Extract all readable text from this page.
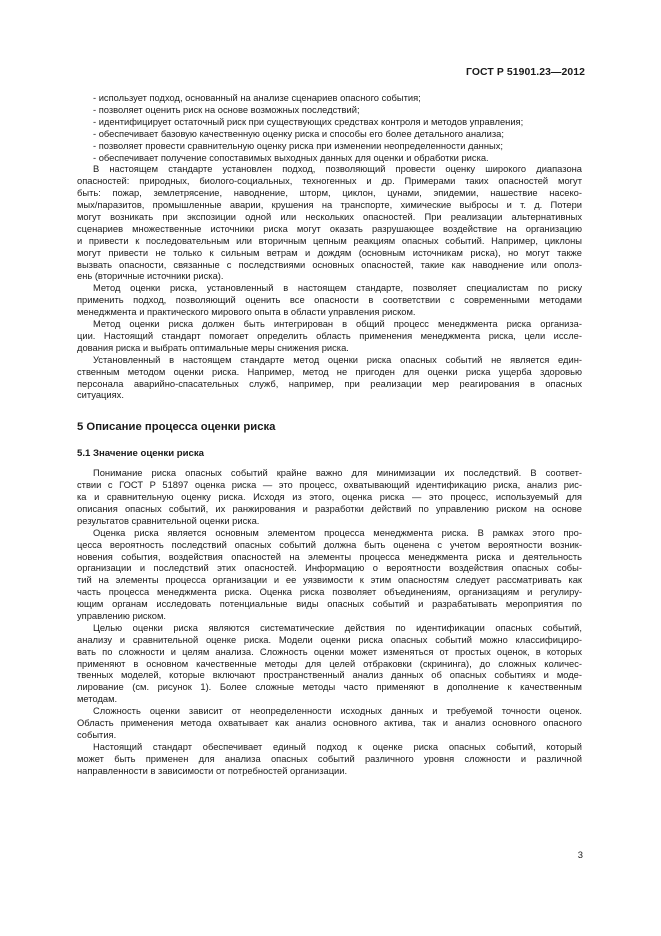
ГОСТ Р 51901.23—2012
- использует подход, основанный на анализе сценариев опасного события;
- позволяет оценить риск на основе возможных последствий;
- идентифицирует остаточный риск при существующих средствах контроля и методов управления;
- обеспечивает базовую качественную оценку риска и способы его более детального анализа;
- позволяет провести сравнительную оценку риска при изменении неопределенности данных;
- обеспечивает получение сопоставимых выходных данных для оценки и обработки риска.
В настоящем стандарте установлен подход, позволяющий провести оценку широкого диапазона
опасностей: природных, биолого-социальных, техногенных и др. Примерами таких опасностей могут
быть: пожар, землетрясение, наводнение, шторм, циклон, цунами, эпидемии, нашествие насеко-
мых/паразитов, промышленные аварии, крушения на транспорте, химические выбросы и т. д. Потери
могут возникать при экспозиции одной или нескольких опасностей. При реализации альтернативных
сценариев множественные источники риска могут оказать разрушающее воздействие на организацию
и привести к последовательным или вторичным цепным реакциям опасных событий. Например, циклоны
могут привести не только к сильным ветрам и дождям (основным источникам риска), но могут также
вызвать опасности, связанные с последствиями основных опасностей, такие как наводнение или ополз-
ень (вторичные источники риска).
Метод оценки риска, установленный в настоящем стандарте, позволяет специалистам по риску
применить подход, позволяющий оценить все опасности в соответствии с современными методами
менеджмента и практического мирового опыта в области управления риском.
Метод оценки риска должен быть интегрирован в общий процесс менеджмента риска организа-
ции. Настоящий стандарт помогает определить область применения менеджмента риска, цели иссле-
дования риска и выбрать оптимальные меры снижения риска.
Установленный в настоящем стандарте метод оценки риска опасных событий не является един-
ственным методом оценки риска. Например, метод не пригоден для оценки риска ущерба здоровью
персонала аварийно-спасательных служб, например, при реализации мер реагирования в опасных
ситуациях.
5 Описание процесса оценки риска
5.1 Значение оценки риска
Понимание риска опасных событий крайне важно для минимизации их последствий. В соответ-
ствии с ГОСТ Р 51897 оценка риска — это процесс, охватывающий идентификацию риска, анализ рис-
ка и сравнительную оценку риска. Исходя из этого, оценка риска — это процесс, используемый для
описания опасных событий, их ранжирования и разработки действий по управлению риском на основе
результатов сравнительной оценки риска.
Оценка риска является основным элементом процесса менеджмента риска. В рамках этого про-
цесса вероятность последствий опасных событий должна быть оценена с учетом вероятности возник-
новения события, воздействия опасностей на элементы процесса менеджмента риска и деятельность
организации и последствий этих опасностей. Информацию о вероятности воздействия опасных собы-
тий на элементы процесса организации и ее уязвимости к этим опасностям следует рассматривать как
часть процесса менеджмента риска. Оценка риска позволяет объединениям, организациям и регулиру-
ющим органам исследовать потенциальные виды опасных событий и разрабатывать мероприятия по
управлению риском.
Целью оценки риска являются систематические действия по идентификации опасных событий,
анализу и сравнительной оценке риска. Модели оценки риска опасных событий можно классифициро-
вать по сложности и целям анализа. Сложность оценки может изменяться от простых оценок, в которых
применяют в основном качественные методы для целей отбраковки (скрининга), до сложных количес-
твенных моделей, которые включают пространственный анализ данных об опасных событиях и моде-
лирование (см. рисунок 1). Более сложные методы часто применяют в дополнение к качественным
методам.
Сложность оценки зависит от неопределенности исходных данных и требуемой точности оценок.
Область применения метода охватывает как анализ основного актива, так и анализ основного опасного
события.
Настоящий стандарт обеспечивает единый подход к оценке риска опасных событий, который
может быть применен для анализа опасных событий различного уровня сложности и различной
направленности в зависимости от потребностей организации.
3
